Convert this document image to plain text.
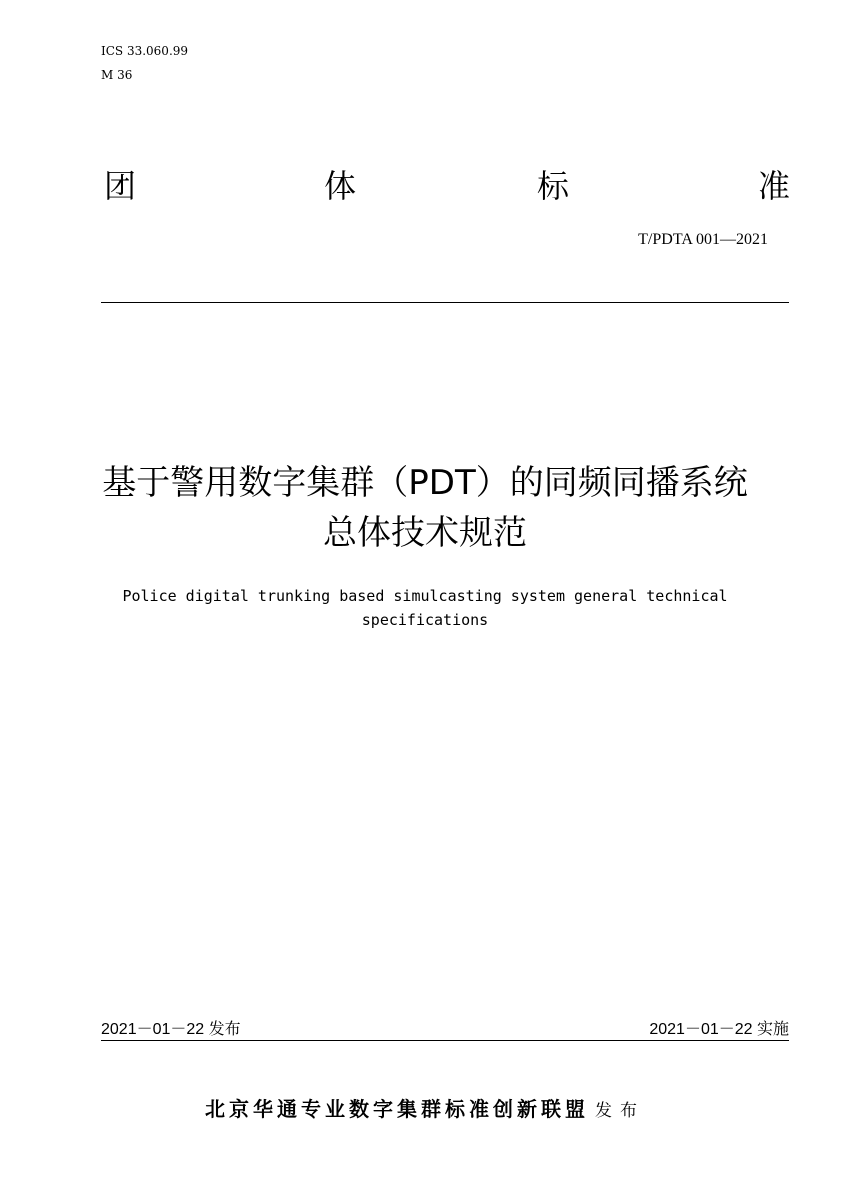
ICS 33.060.99
M 36
团	体	标	准
T/PDTA 001—2021
基于警用数字集群（PDT）的同频同播系统
总体技术规范
Police digital trunking based simulcasting system general technical
specifications
2021－01－22 发布	2021－01－22 实施
北京华通专业数字集群标准创新联盟 发布
